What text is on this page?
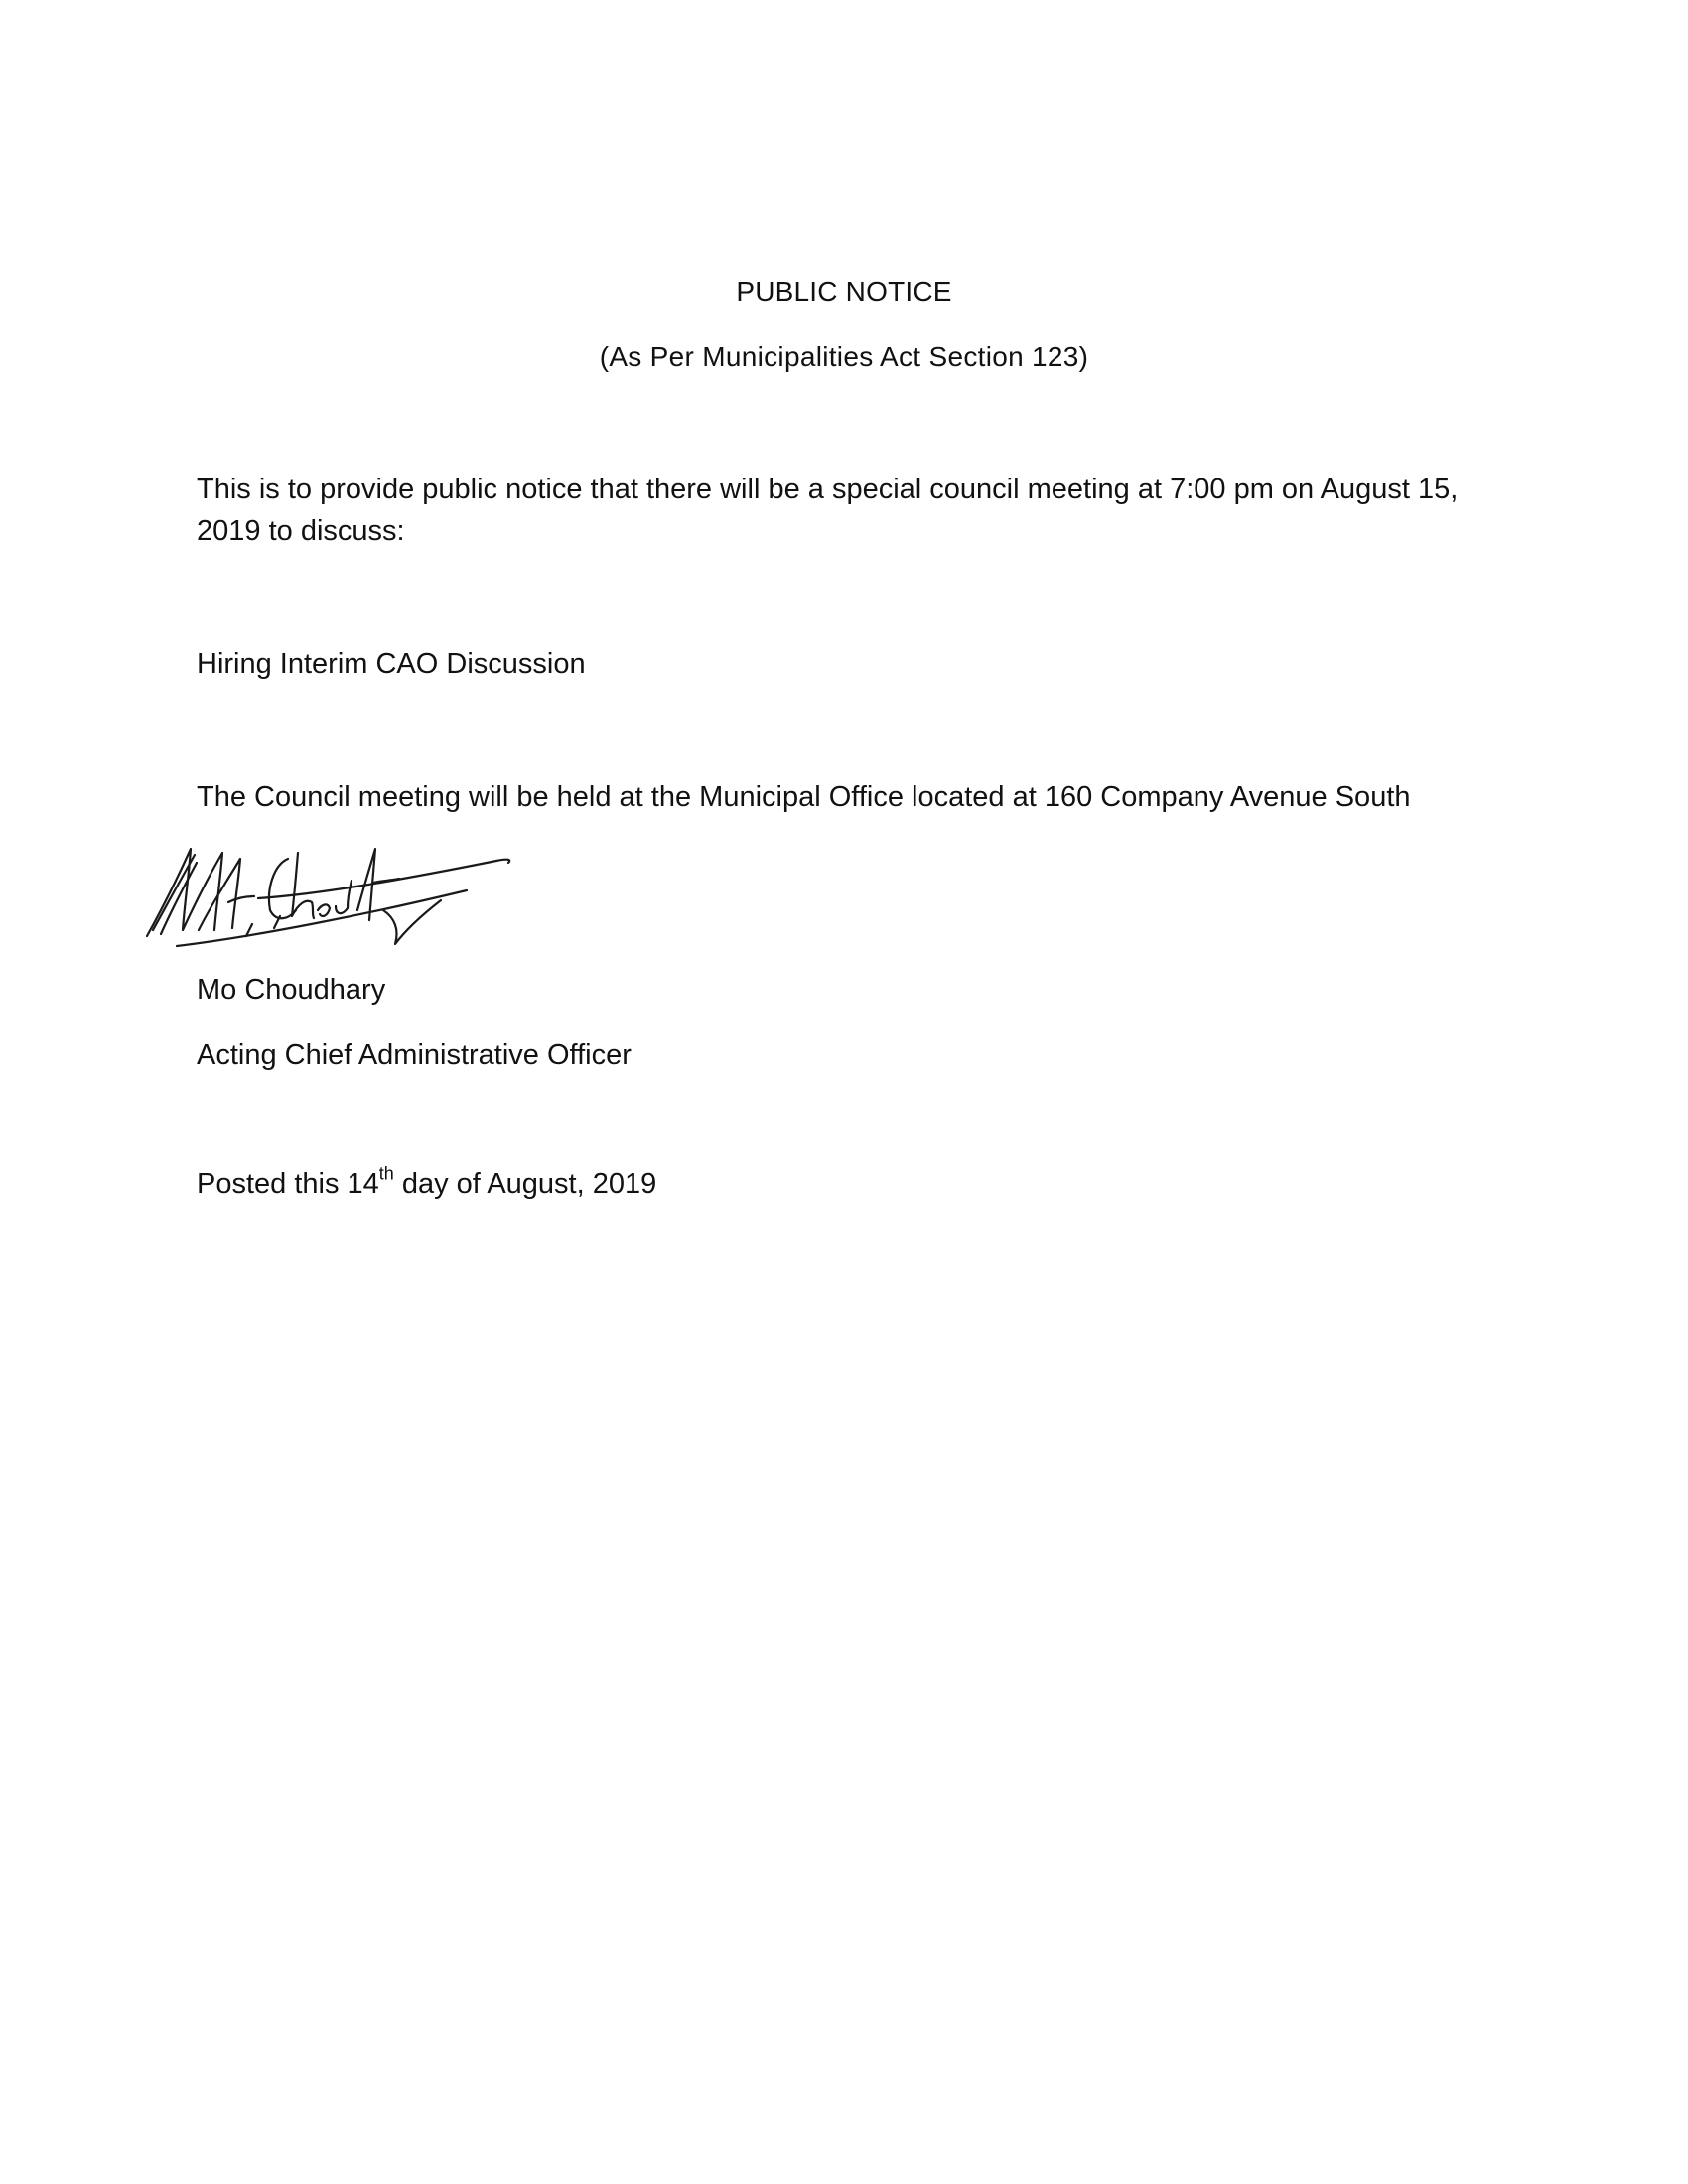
PUBLIC NOTICE
(As Per Municipalities Act Section 123)
This is to provide public notice that there will be a special council meeting at 7:00 pm on August 15, 2019 to discuss:
Hiring Interim CAO Discussion
The Council meeting will be held at the Municipal Office located at 160 Company Avenue South
Mo Choudhary
Acting Chief Administrative Officer
Posted this 14th day of August, 2019
